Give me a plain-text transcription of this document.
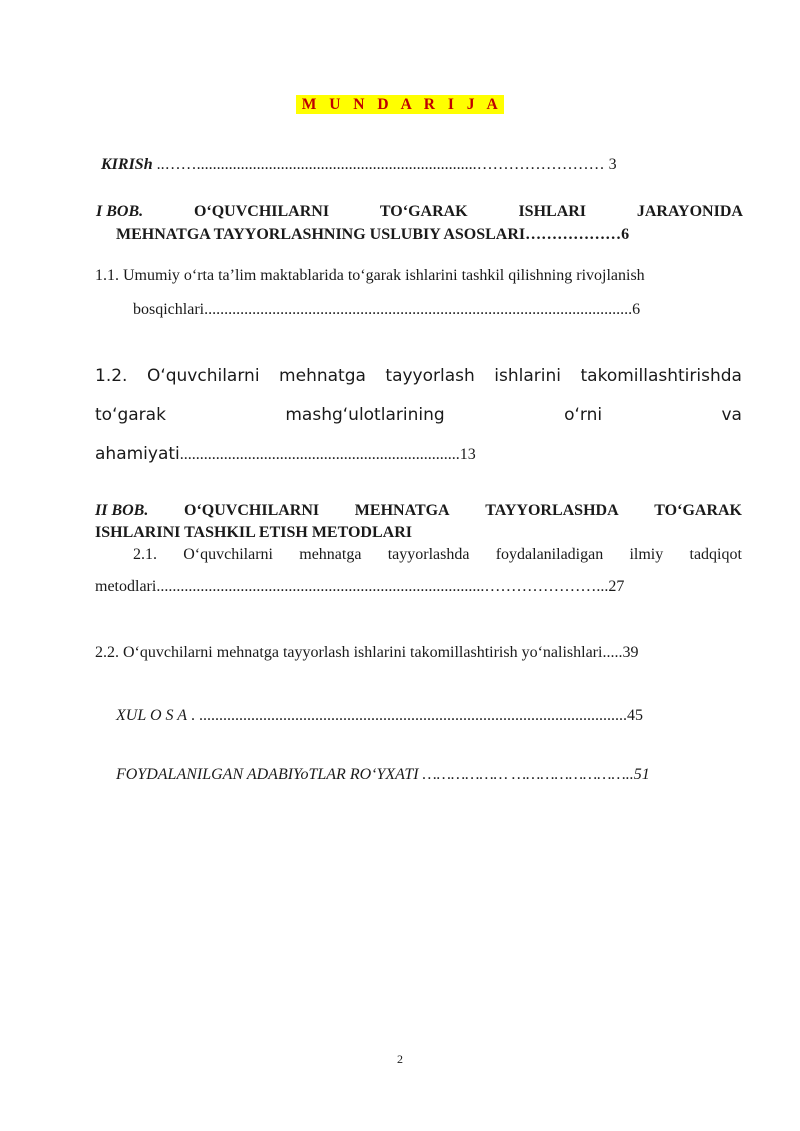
M U N D A R I J A
KIRISh ..……......................................................................…………………… 3
I BOB.	O‘QUVCHILARNI	TO‘GARAK	ISHLARI	JARAYONIDA
MEHNATGA TAYYORLASHNING USLUBIY ASOSLARI………………6
1.1. Umumiy o‘rta ta’lim maktablarida to‘garak ishlarini tashkil qilishning rivojlanish
bosqichlari...........................................................................................................6
1.2. O‘quvchilarni mehnatga tayyorlash ishlarini takomillashtirishda
to‘garak	mashg‘ulotlarining	o‘rni	va
ahamiyati......................................................................13
II BOB. O‘QUVCHILARNI MEHNATGA TAYYORLASHDA TO‘GARAK
ISHLARINI TASHKIL ETISH METODLARI
2.1. O‘quvchilarni mehnatga tayyorlashda foydalaniladigan ilmiy tadqiqot
metodlari..................................................................................…………………...27
2.2. O‘quvchilarni mehnatga tayyorlash ishlarini takomillashtirish yo‘nalishlari.....39
XUL O S A . ...........................................................................................................45
FOYDALANILGAN ADABIYoTLAR RO‘YXATI ……………… ……………………..51
2
